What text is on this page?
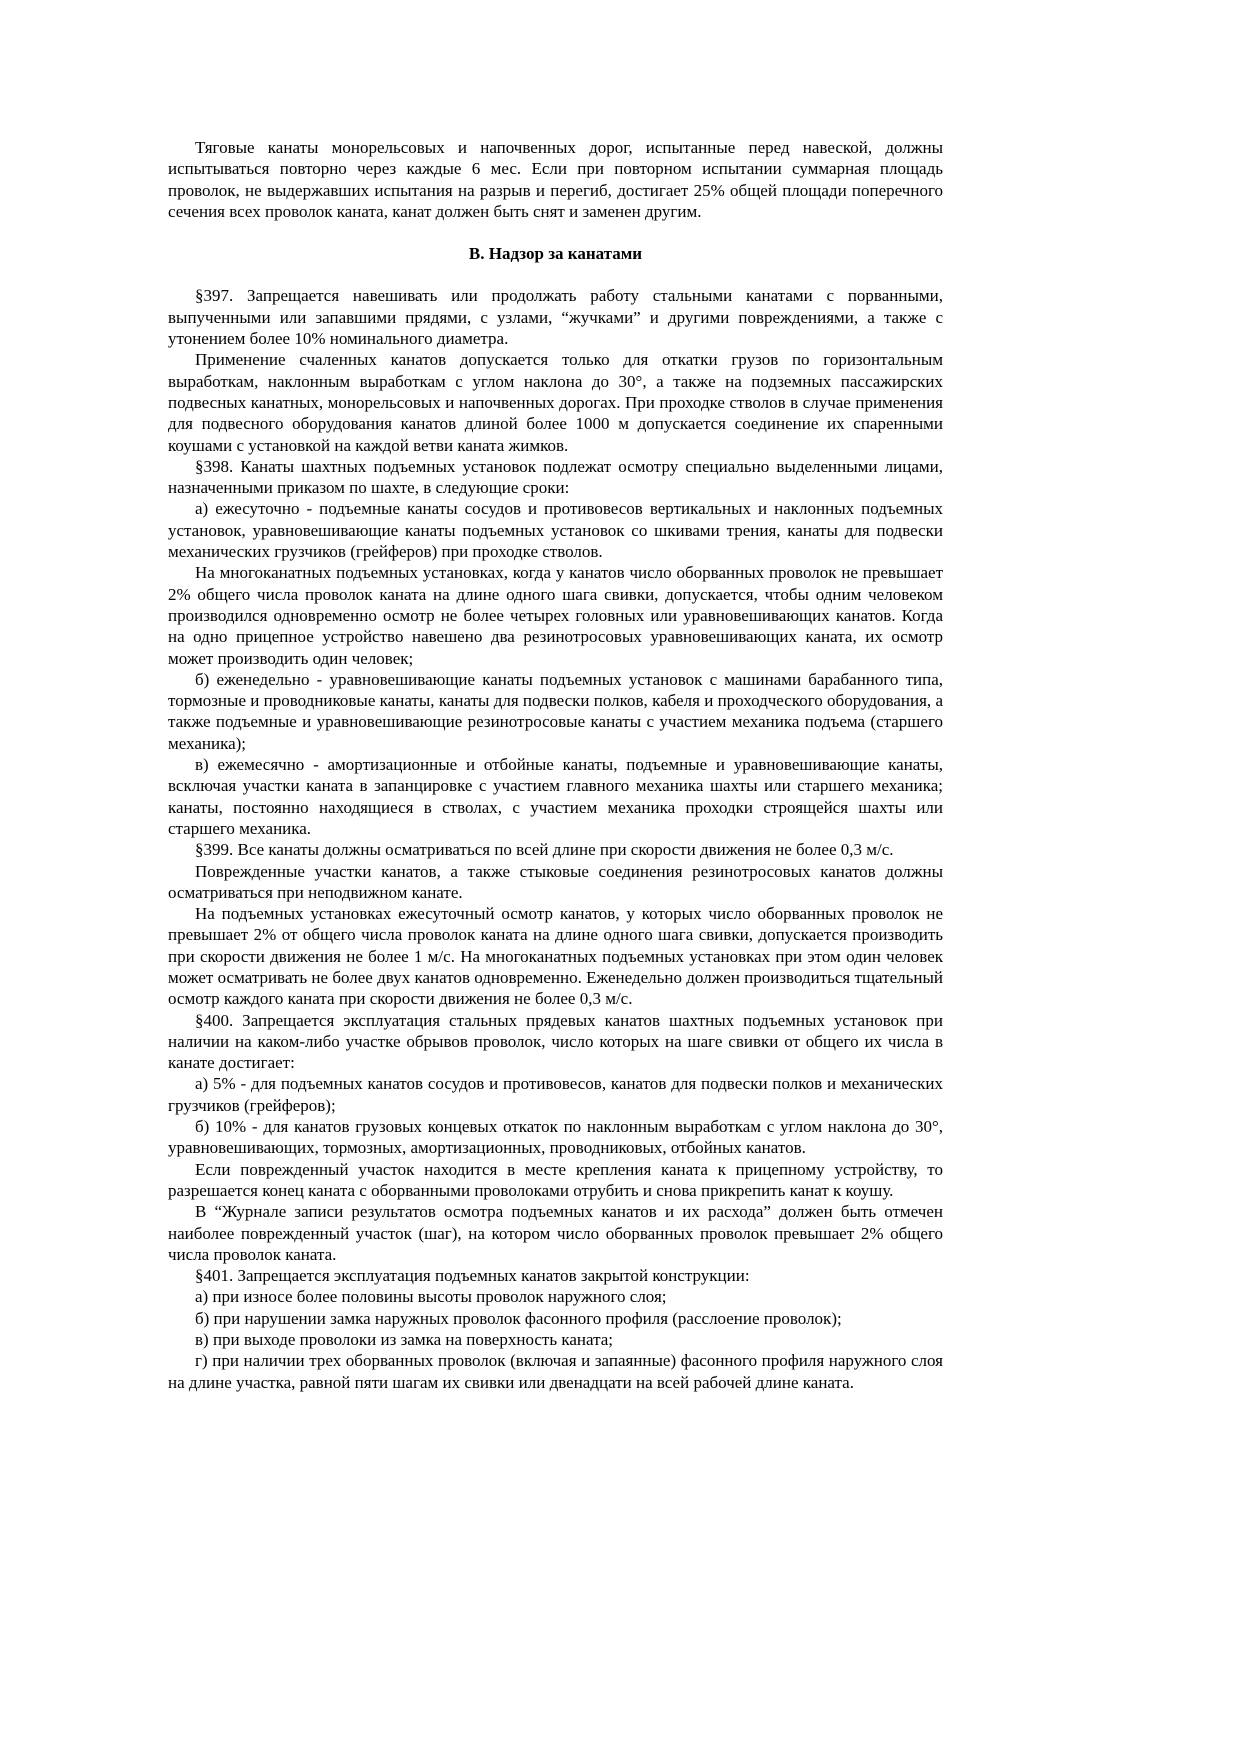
Тяговые канаты монорельсовых и напочвенных дорог, испытанные перед навеской, должны испытываться повторно через каждые 6 мес. Если при повторном испытании суммарная площадь проволок, не выдержавших испытания на разрыв и перегиб, достигает 25% общей площади поперечного сечения всех проволок каната, канат должен быть снят и заменен другим.

В. Надзор за канатами

§397. Запрещается навешивать или продолжать работу стальными канатами с порванными, выпученными или запавшими прядями, с узлами, “жучками” и другими повреждениями, а также с утонением более 10% номинального диаметра.

Применение счаленных канатов допускается только для откатки грузов по горизонтальным выработкам, наклонным выработкам с углом наклона до 30°, а также на подземных пассажирских подвесных канатных, монорельсовых и напочвенных дорогах. При проходке стволов в случае применения для подвесного оборудования канатов длиной более 1000 м допускается соединение их спаренными коушами с установкой на каждой ветви каната жимков.

§398. Канаты шахтных подъемных установок подлежат осмотру специально выделенными лицами, назначенными приказом по шахте, в следующие сроки:

а) ежесуточно - подъемные канаты сосудов и противовесов вертикальных и наклонных подъемных установок, уравновешивающие канаты подъемных установок со шкивами трения, канаты для подвески механических грузчиков (грейферов) при проходке стволов.

На многоканатных подъемных установках, когда у канатов число оборванных проволок не превышает 2% общего числа проволок каната на длине одного шага свивки, допускается, чтобы одним человеком производился одновременно осмотр не более четырех головных или уравновешивающих канатов. Когда на одно прицепное устройство навешено два резинотросовых уравновешивающих каната, их осмотр может производить один человек;

б) еженедельно - уравновешивающие канаты подъемных установок с машинами барабанного типа, тормозные и проводниковые канаты, канаты для подвески полков, кабеля и проходческого оборудования, а также подъемные и уравновешивающие резинотросовые канаты с участием механика подъема (старшего механика);

в) ежемесячно - амортизационные и отбойные канаты, подъемные и уравновешивающие канаты, всключая участки каната в запанцировке с участием главного механика шахты или старшего механика; канаты, постоянно находящиеся в стволах, с участием механика проходки строящейся шахты или старшего механика.

§399. Все канаты должны осматриваться по всей длине при скорости движения не более 0,3 м/с.

Поврежденные участки канатов, а также стыковые соединения резинотросовых канатов должны осматриваться при неподвижном канате.

На подъемных установках ежесуточный осмотр канатов, у которых число оборванных проволок не превышает 2% от общего числа проволок каната на длине одного шага свивки, допускается производить при скорости движения не более 1 м/с. На многоканатных подъемных установках при этом один человек может осматривать не более двух канатов одновременно. Еженедельно должен производиться тщательный осмотр каждого каната при скорости движения не более 0,3 м/с.

§400. Запрещается эксплуатация стальных прядевых канатов шахтных подъемных установок при наличии на каком-либо участке обрывов проволок, число которых на шаге свивки от общего их числа в канате достигает:

а) 5% - для подъемных канатов сосудов и противовесов, канатов для подвески полков и механических грузчиков (грейферов);

б) 10% - для канатов грузовых концевых откаток по наклонным выработкам с углом наклона до 30°, уравновешивающих, тормозных, амортизационных, проводниковых, отбойных канатов.

Если поврежденный участок находится в месте крепления каната к прицепному устройству, то разрешается конец каната с оборванными проволоками отрубить и снова прикрепить канат к коушу.

В “Журнале записи результатов осмотра подъемных канатов и их расхода” должен быть отмечен наиболее поврежденный участок (шаг), на котором число оборванных проволок превышает 2% общего числа проволок каната.

§401. Запрещается эксплуатация подъемных канатов закрытой конструкции:

а) при износе более половины высоты проволок наружного слоя;

б) при нарушении замка наружных проволок фасонного профиля (расслоение проволок);

в) при выходе проволоки из замка на поверхность каната;

г) при наличии трех оборванных проволок (включая и запаянные) фасонного профиля наружного слоя на длине участка, равной пяти шагам их свивки или двенадцати на всей рабочей длине каната.
